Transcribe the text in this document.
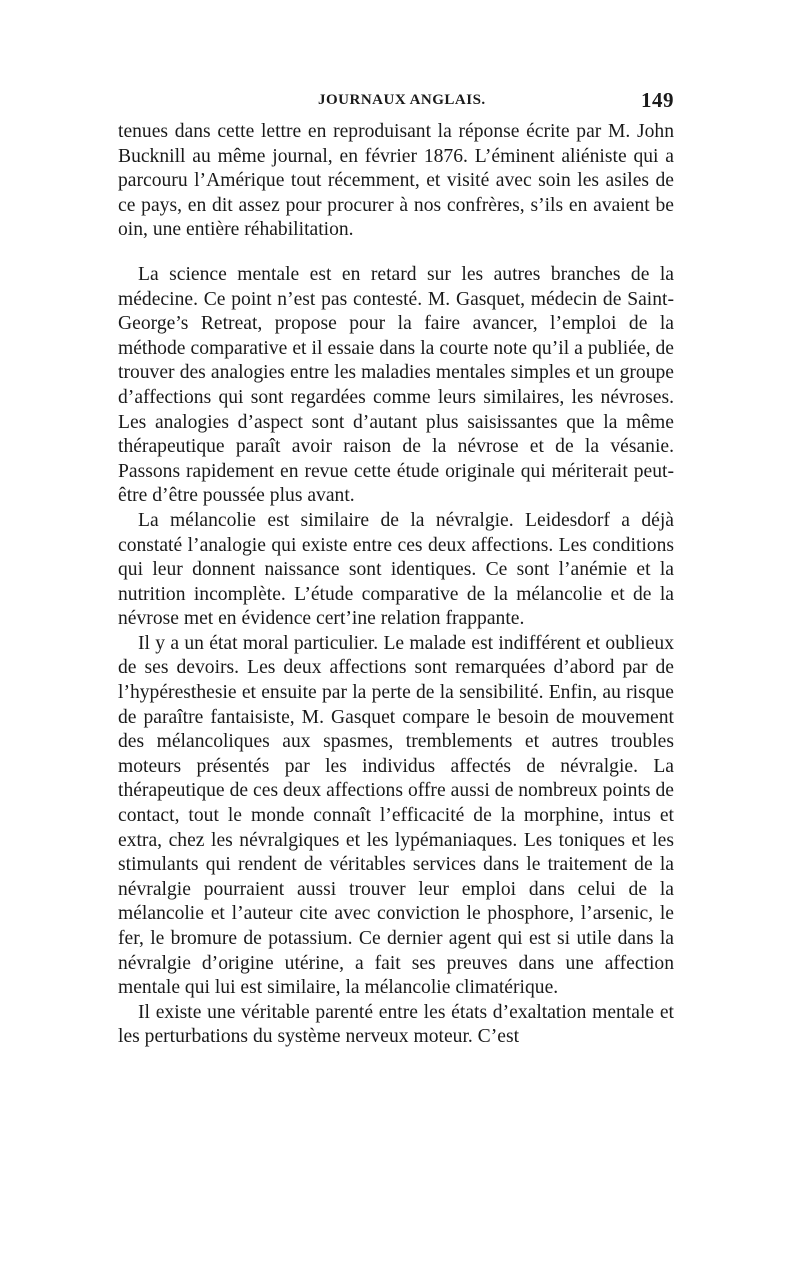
JOURNAUX ANGLAIS.	149

tenues dans cette lettre en reproduisant la réponse écrite par M. John Bucknill au même journal, en février 1876. L’éminent aliéniste qui a parcouru l’Amérique tout récemment, et visité avec soin les asiles de ce pays, en dit assez pour procurer à nos confrères, s’ils en avaient be oin, une entière réhabilitation.

La science mentale est en retard sur les autres branches de la médecine. Ce point n’est pas contesté. M. Gasquet, médecin de Saint-George’s Retreat, propose pour la faire avancer, l’emploi de la méthode comparative et il essaie dans la courte note qu’il a publiée, de trouver des analogies entre les maladies mentales simples et un groupe d’affections qui sont regardées comme leurs similaires, les névroses. Les analogies d’aspect sont d’autant plus saisissantes que la même thérapeutique paraît avoir raison de la névrose et de la vésanie. Passons rapidement en revue cette étude originale qui mériterait peut-être d’être poussée plus avant.

La mélancolie est similaire de la névralgie. Leidesdorf a déjà constaté l’analogie qui existe entre ces deux affections. Les conditions qui leur donnent naissance sont identiques. Ce sont l’anémie et la nutrition incomplète. L’étude comparative de la mélancolie et de la névrose met en évidence cert’ine relation frappante.

Il y a un état moral particulier. Le malade est indifférent et oublieux de ses devoirs. Les deux affections sont remarquées d’abord par de l’hypéresthesie et ensuite par la perte de la sensibilité. Enfin, au risque de paraître fantaisiste, M. Gasquet compare le besoin de mouvement des mélancoliques aux spasmes, tremblements et autres troubles moteurs présentés par les individus affectés de névralgie. La thérapeutique de ces deux affections offre aussi de nombreux points de contact, tout le monde connaît l’efficacité de la morphine, intus et extra, chez les névralgiques et les lypémaniaques. Les toniques et les stimulants qui rendent de véritables services dans le traitement de la névralgie pourraient aussi trouver leur emploi dans celui de la mélancolie et l’auteur cite avec conviction le phosphore, l’arsenic, le fer, le bromure de potassium. Ce dernier agent qui est si utile dans la névralgie d’origine utérine, a fait ses preuves dans une affection mentale qui lui est similaire, la mélancolie climatérique.

Il existe une véritable parenté entre les états d’exaltation mentale et les perturbations du système nerveux moteur. C’est
